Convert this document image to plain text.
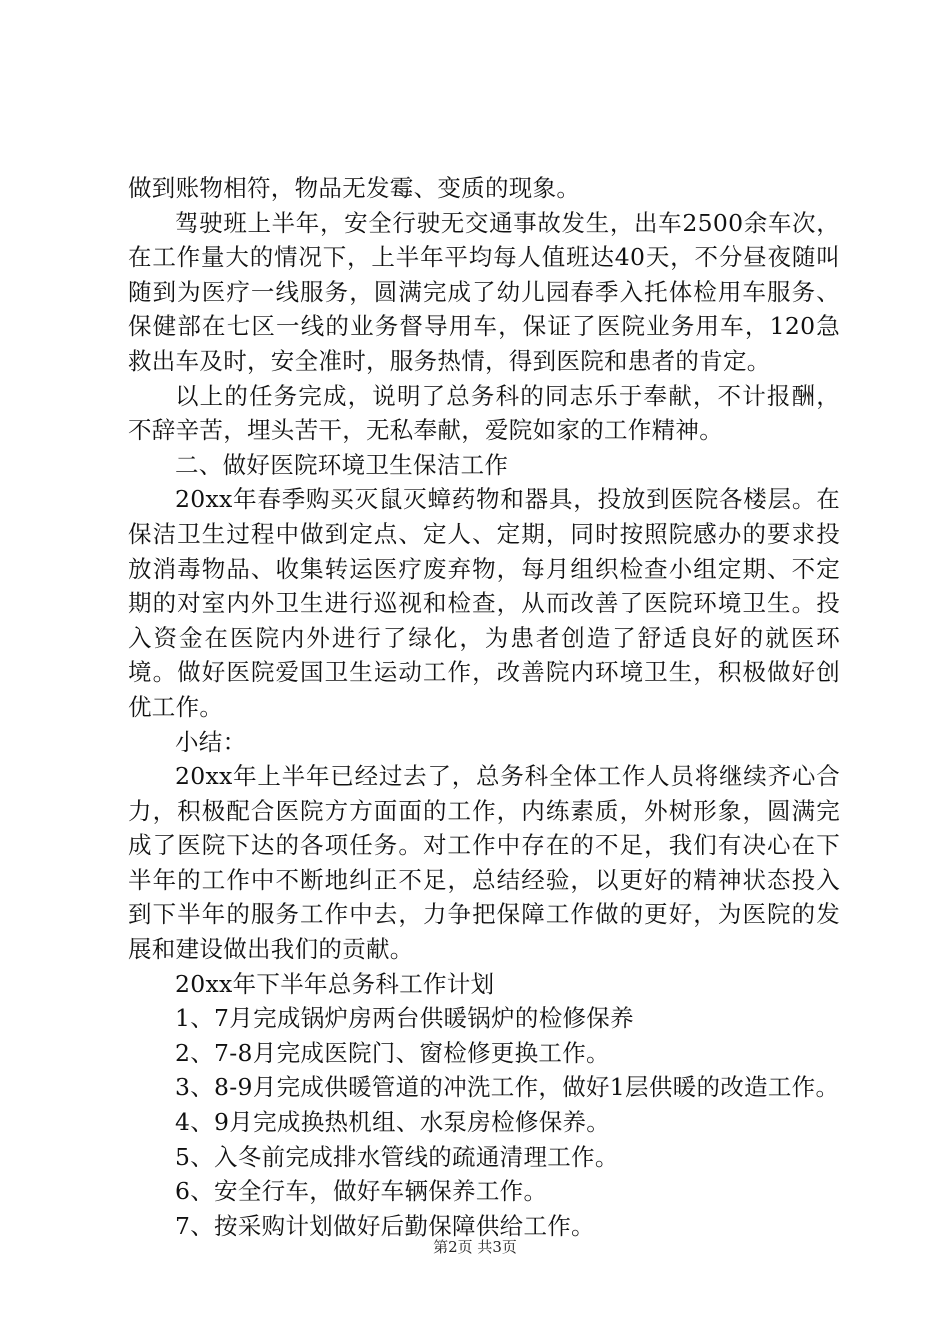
做到账物相符，物品无发霉、变质的现象。

驾驶班上半年，安全行驶无交通事故发生，出车2500余车次，在工作量大的情况下，上半年平均每人值班达40天，不分昼夜随叫随到为医疗一线服务，圆满完成了幼儿园春季入托体检用车服务、保健部在七区一线的业务督导用车，保证了医院业务用车，120急救出车及时，安全准时，服务热情，得到医院和患者的肯定。

以上的任务完成，说明了总务科的同志乐于奉献，不计报酬，不辞辛苦，埋头苦干，无私奉献，爱院如家的工作精神。

二、做好医院环境卫生保洁工作

20xx年春季购买灭鼠灭蟑药物和器具，投放到医院各楼层。在保洁卫生过程中做到定点、定人、定期，同时按照院感办的要求投放消毒物品、收集转运医疗废弃物，每月组织检查小组定期、不定期的对室内外卫生进行巡视和检查，从而改善了医院环境卫生。投入资金在医院内外进行了绿化，为患者创造了舒适良好的就医环境。做好医院爱国卫生运动工作，改善院内环境卫生，积极做好创优工作。

小结：

20xx年上半年已经过去了，总务科全体工作人员将继续齐心合力，积极配合医院方方面面的工作，内练素质，外树形象，圆满完成了医院下达的各项任务。对工作中存在的不足，我们有决心在下半年的工作中不断地纠正不足，总结经验，以更好的精神状态投入到下半年的服务工作中去，力争把保障工作做的更好，为医院的发展和建设做出我们的贡献。

20xx年下半年总务科工作计划

1、7月完成锅炉房两台供暖锅炉的检修保养

2、7-8月完成医院门、窗检修更换工作。

3、8-9月完成供暖管道的冲洗工作，做好1层供暖的改造工作。

4、9月完成换热机组、水泵房检修保养。

5、入冬前完成排水管线的疏通清理工作。

6、安全行车，做好车辆保养工作。

7、按采购计划做好后勤保障供给工作。

第2页 共3页
